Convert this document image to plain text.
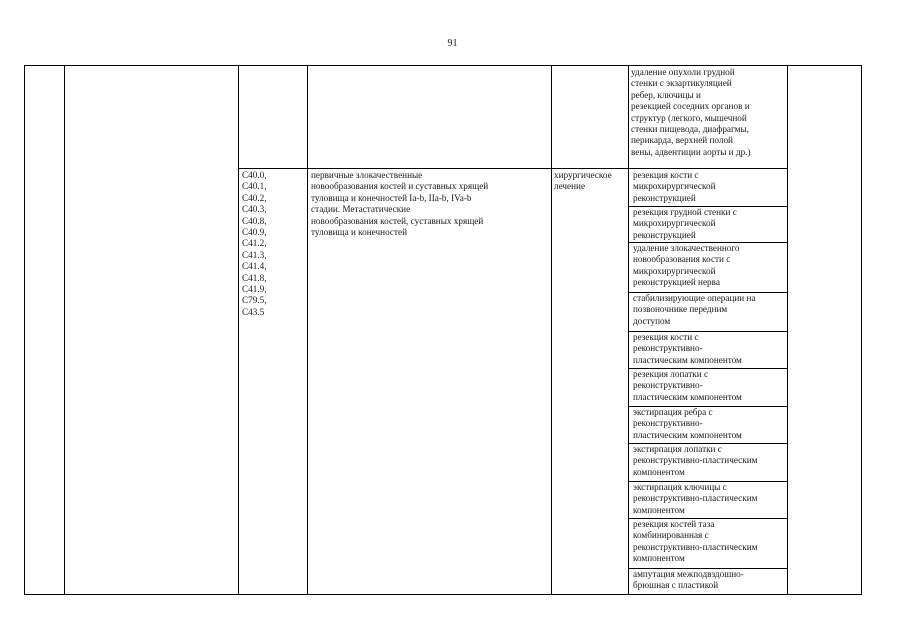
91
удаление опухоли грудной
стенки с экзартикуляцией
ребер, ключицы и
резекцией соседних органов и
структур (легкого, мышечной
стенки пищевода, диафрагмы,
перикарда, верхней полой
вены, адвентиции аорты и др.)
C40.0,
C40.1,
C40.2,
C40.3,
C40.8,
C40.9,
C41.2,
C41.3,
C41.4,
C41.8,
C41.9,
C79.5,
C43.5
первичные злокачественные
новообразования костей и суставных хрящей
туловища и конечностей Ia-b, IIa-b, IVa-b
стадии. Метастатические
новообразования костей, суставных хрящей
туловища и конечностей
хирургическое
лечение
резекция кости с
микрохирургической
реконструкцией
резекция грудной стенки с
микрохирургической
реконструкцией
удаление злокачественного
новообразования кости с
микрохирургической
реконструкцией нерва
стабилизирующие операции на
позвоночнике передним
доступом
резекция кости с
реконструктивно-
пластическим компонентом
резекция лопатки с
реконструктивно-
пластическим компонентом
экстирпация ребра с
реконструктивно-
пластическим компонентом
экстирпация лопатки с
реконструктивно-пластическим
компонентом
экстирпация ключицы с
реконструктивно-пластическим
компонентом
резекция костей таза
комбинированная с
реконструктивно-пластическим
компонентом
ампутация межподвздошно-
брюшная с пластикой
